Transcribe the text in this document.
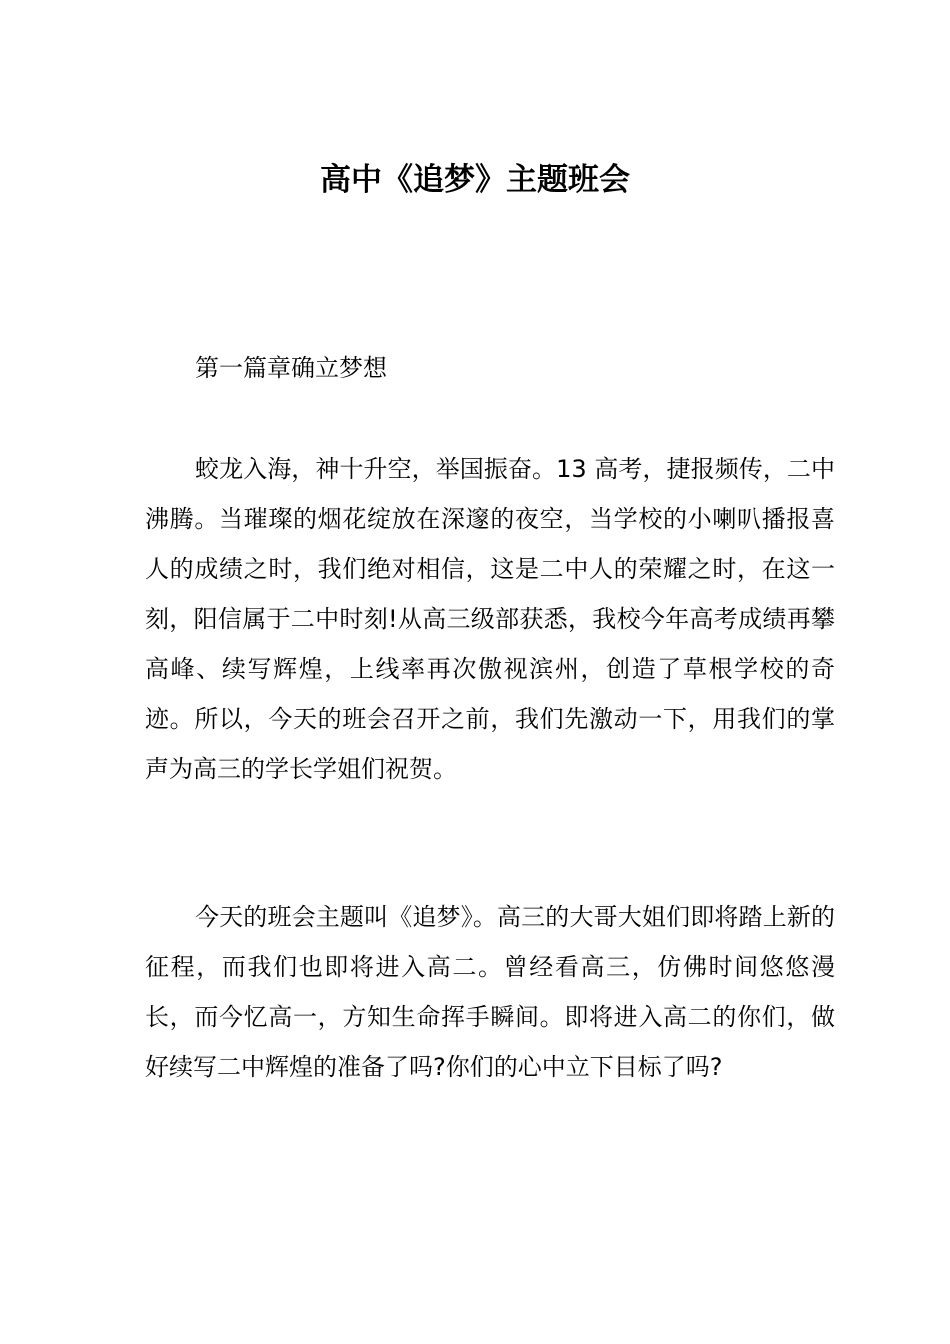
高中《追梦》主题班会
第一篇章确立梦想

蛟龙入海，神十升空，举国振奋。13 高考，捷报频传，二中沸腾。当璀璨的烟花绽放在深邃的夜空，当学校的小喇叭播报喜人的成绩之时，我们绝对相信，这是二中人的荣耀之时，在这一刻，阳信属于二中时刻!从高三级部获悉，我校今年高考成绩再攀高峰、续写辉煌，上线率再次傲视滨州，创造了草根学校的奇迹。所以，今天的班会召开之前，我们先激动一下，用我们的掌声为高三的学长学姐们祝贺。

今天的班会主题叫《追梦》。高三的大哥大姐们即将踏上新的征程，而我们也即将进入高二。曾经看高三，仿佛时间悠悠漫长，而今忆高一，方知生命挥手瞬间。即将进入高二的你们，做好续写二中辉煌的准备了吗?你们的心中立下目标了吗?
